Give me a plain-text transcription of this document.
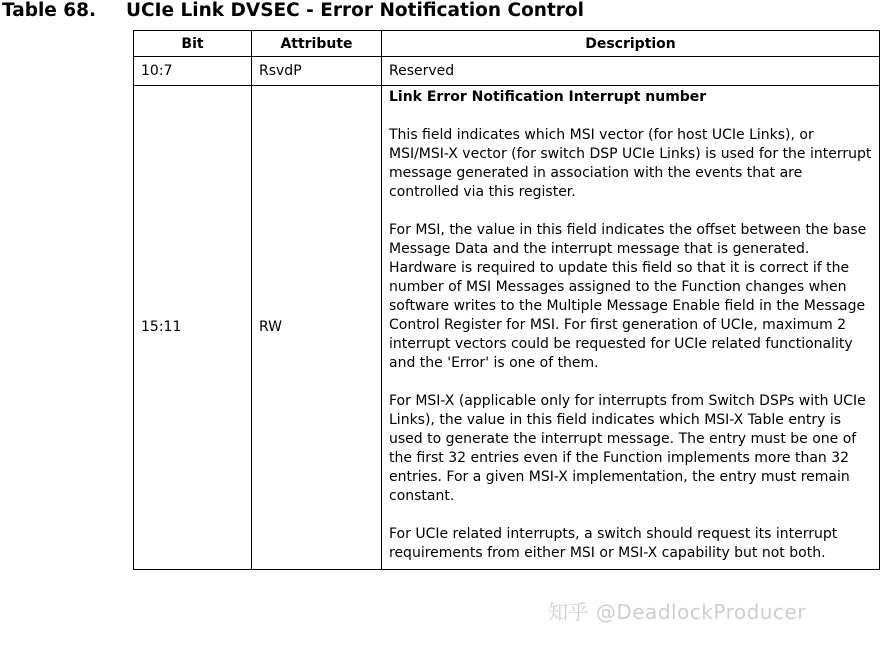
Table 68. UCIe Link DVSEC - Error Notification Control
Bit	Attribute	Description
10:7	RsvdP	Reserved
15:11	RW	Link Error Notification Interrupt number

This field indicates which MSI vector (for host UCIe Links), or MSI/MSI-X vector (for switch DSP UCIe Links) is used for the interrupt message generated in association with the events that are controlled via this register.

For MSI, the value in this field indicates the offset between the base Message Data and the interrupt message that is generated. Hardware is required to update this field so that it is correct if the number of MSI Messages assigned to the Function changes when software writes to the Multiple Message Enable field in the Message Control Register for MSI. For first generation of UCIe, maximum 2 interrupt vectors could be requested for UCIe related functionality and the 'Error' is one of them.

For MSI-X (applicable only for interrupts from Switch DSPs with UCIe Links), the value in this field indicates which MSI-X Table entry is used to generate the interrupt message. The entry must be one of the first 32 entries even if the Function implements more than 32 entries. For a given MSI-X implementation, the entry must remain constant.

For UCIe related interrupts, a switch should request its interrupt requirements from either MSI or MSI-X capability but not both.

知乎 @DeadlockProducer
